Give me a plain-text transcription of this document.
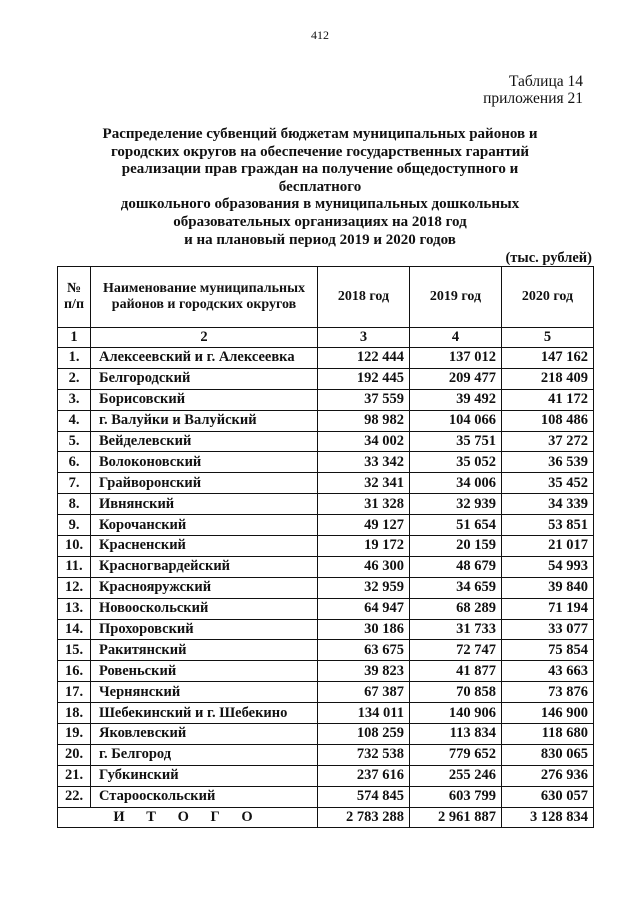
412
Таблица 14
приложения 21
Распределение субвенций бюджетам муниципальных районов и
городских округов на обеспечение государственных гарантий
реализации прав граждан на получение общедоступного и бесплатного
дошкольного образования в муниципальных дошкольных
образовательных организациях на 2018 год
и на плановый период 2019 и 2020 годов
(тыс. рублей)
№ п/п	Наименование муниципальных районов и городских округов	2018 год	2019 год	2020 год
1	2	3	4	5
1.	Алексеевский и г. Алексеевка	122 444	137 012	147 162
2.	Белгородский	192 445	209 477	218 409
3.	Борисовский	37 559	39 492	41 172
4.	г. Валуйки и Валуйский	98 982	104 066	108 486
5.	Вейделевский	34 002	35 751	37 272
6.	Волоконовский	33 342	35 052	36 539
7.	Грайворонский	32 341	34 006	35 452
8.	Ивнянский	31 328	32 939	34 339
9.	Корочанский	49 127	51 654	53 851
10.	Красненский	19 172	20 159	21 017
11.	Красногвардейский	46 300	48 679	54 993
12.	Краснояружский	32 959	34 659	39 840
13.	Новооскольский	64 947	68 289	71 194
14.	Прохоровский	30 186	31 733	33 077
15.	Ракитянский	63 675	72 747	75 854
16.	Ровеньский	39 823	41 877	43 663
17.	Чернянский	67 387	70 858	73 876
18.	Шебекинский и г. Шебекино	134 011	140 906	146 900
19.	Яковлевский	108 259	113 834	118 680
20.	г. Белгород	732 538	779 652	830 065
21.	Губкинский	237 616	255 246	276 936
22.	Старооскольский	574 845	603 799	630 057
И Т О Г О		2 783 288	2 961 887	3 128 834
